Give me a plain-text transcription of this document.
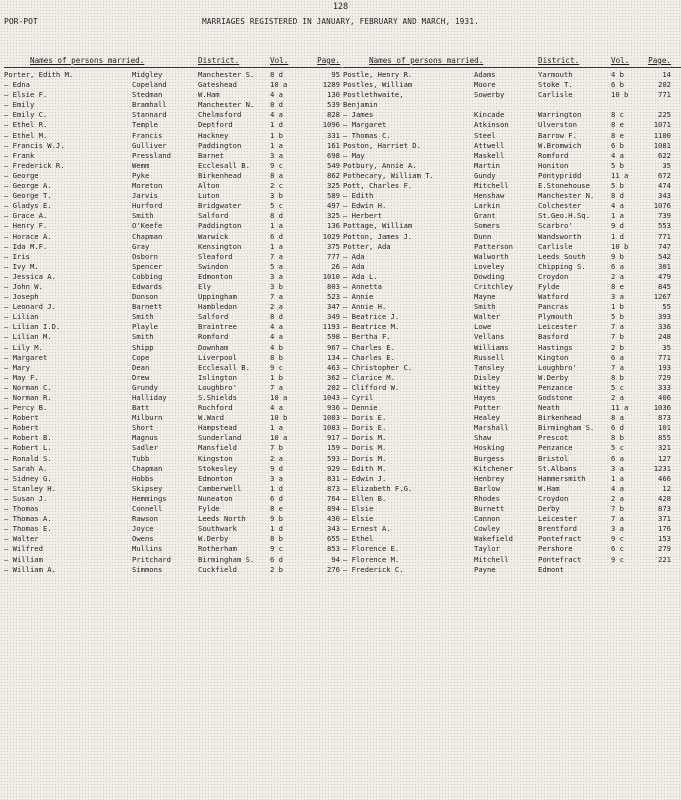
128
POR-POT	MARRIAGES REGISTERED IN JANUARY, FEBRUARY AND MARCH, 1931.
Names of persons married.	District.	Vol.	Page.
Porter, Edith M.	Midgley	Manchester S.	8 d	95
— Edna	Copeland	Gateshead	10 a	1289
— Elsie F.	Stedman	W.Ham	4 a	130
— Emily	Bramhall	Manchester N.	8 d	539
— Emily C.	Stannard	Chelmsford	4 a	828
— Ethel R.	Temple	Deptford	1 d	1096
— Ethel M.	Francis	Hackney	1 b	331
— Francis W.J.	Gulliver	Paddington	1 a	161
— Frank	Pressland	Barnet	3 a	698
— Frederick R.	Wemm	Ecclesall B.	9 c	549
— George	Pyke	Birkenhead	8 a	862
— George A.	Moreton	Alton	2 c	325
— George T.	Jarvis	Luton	3 b	589
— Gladys E.	Hurford	Bridgwater	5 c	497
— Grace A.	Smith	Salford	8 d	325
— Henry F.	O'Keefe	Paddington	1 a	136
— Horace A.	Chapman	Warwick	6 d	1029
— Ida M.F.	Gray	Kensington	1 a	375
— Iris	Osborn	Sleaford	7 a	777
— Ivy M.	Spencer	Swindon	5 a	26
— Jessica A.	Cobbing	Edmonton	3 a	1010
— John W.	Edwards	Ely	3 b	803
— Joseph	Donson	Uppingham	7 a	523
— Leonard J.	Barnett	Hambledon	2 a	347
— Lilian	Smith	Salford	8 d	349
— Lilian I.D.	Playle	Braintree	4 a	1193
— Lilian M.	Smith	Romford	4 a	598
— Lily M.	Shipp	Downham	4 b	967
— Margaret	Cope	Liverpool	8 b	134
— Mary	Dean	Ecclesall B.	9 c	463
— May F.	Drew	Islington	1 b	362
— Norman C.	Grundy	Loughbro'	7 a	202
— Norman R.	Halliday	S.Shields	10 a	1043
— Percy B.	Batt	Rochford	4 a	936
— Robert	Milburn	W.Ward	10 b	1003
— Robert	Short	Hampstead	1 a	1083
— Robert B.	Magnus	Sunderland	10 a	917
— Robert L.	Sadler	Mansfield	7 b	159
— Ronald S.	Tubb	Kingston	2 a	593
— Sarah A.	Chapman	Stokesley	9 d	929
— Sidney G.	Hobbs	Edmonton	3 a	831
— Stanley H.	Skipsey	Camberwell	1 d	873
— Susan J.	Hemmings	Nuneaton	6 d	764
— Thomas	Connell	Fylde	8 e	894
— Thomas A.	Rawson	Leeds North	9 b	430
— Thomas E.	Joyce	Southwark	1 d	343
— Walter	Owens	W.Derby	8 b	655
— Wilfred	Mullins	Rotherham	9 c	853
— William	Pritchard	Birmingham S.	6 d	94
— William A.	Simmons	Cuckfield	2 b	276
Names of persons married.	District.	Vol.	Page.
Postle, Henry R.	Adams	Yarmouth	4 b	14
Postles, William	Moore	Stoke T.	6 b	202
Postlethwaite,	Sowerby	Carlisle	10 b	771
Benjamin
— James	Kincade	Warrington	8 c	225
— Margaret	Atkinson	Ulverston	8 e	1071
— Thomas C.	Steel	Barrow F.	8 e	1100
Poston, Harriet D.	Attwell	W.Bromwich	6 b	1081
— May	Maskell	Romford	4 a	622
Potbury, Annie A.	Martin	Honiton	5 b	35
Pothecary, William T.	Gundy	Pontypridd	11 a	672
Pott, Charles F.	Mitchell	E.Stonehouse	5 b	474
— Edith	Henshaw	Manchester N.	8 d	343
— Edwin H.	Larkin	Colchester	4 a	1076
— Herbert	Grant	St.Geo.H.Sq.	1 a	739
Pottage, William	Somers	Scarbro'	9 d	553
Potton, James J.	Dunn	Wandsworth	1 d	771
Potter, Ada	Patterson	Carlisle	10 b	747
— Ada	Walworth	Leeds South	9 b	542
— Ada	Loveley	Chipping S.	6 a	301
— Ada L.	Dowding	Croydon	2 a	479
— Annetta	Critchley	Fylde	8 e	845
— Annie	Mayne	Watford	3 a	1267
— Annie H.	Smith	Pancras	1 b	55
— Beatrice J.	Walter	Plymouth	5 b	393
— Beatrice M.	Lowe	Leicester	7 a	336
— Bertha F.	Vellans	Basford	7 b	248
— Charles E.	Williams	Hastings	2 b	35
— Charles E.	Russell	Kington	6 a	771
— Christopher C.	Tansley	Loughbro'	7 a	193
— Clarice M.	Disley	W.Derby	8 b	729
— Clifford W.	Wittey	Penzance	5 c	333
— Cyril	Hayes	Godstone	2 a	406
— Dennie	Potter	Neath	11 a	1036
— Doris E.	Healey	Birkenhead	8 a	873
— Doris E.	Marshall	Birmingham S.	6 d	101
— Doris M.	Shaw	Prescot	8 b	855
— Doris M.	Hosking	Penzance	5 c	321
— Doris M.	Burgess	Bristol	6 a	127
— Edith M.	Kitchener	St.Albans	3 a	1231
— Edwin J.	Henbrey	Hammersmith	1 a	466
— Elizabeth F.G.	Barlow	W.Ham	4 a	12
— Ellen B.	Rhodes	Croydon	2 a	428
— Elsie	Burnett	Derby	7 b	873
— Elsie	Cannon	Leicester	7 a	371
— Ernest A.	Cowley	Brentford	3 a	176
— Ethel	Wakefield	Pontefract	9 c	153
— Florence E.	Taylor	Pershore	6 c	279
— Florence M.	Mitchell	Pontefract	9 c	221
— Frederick C.	Payne	Edmont
